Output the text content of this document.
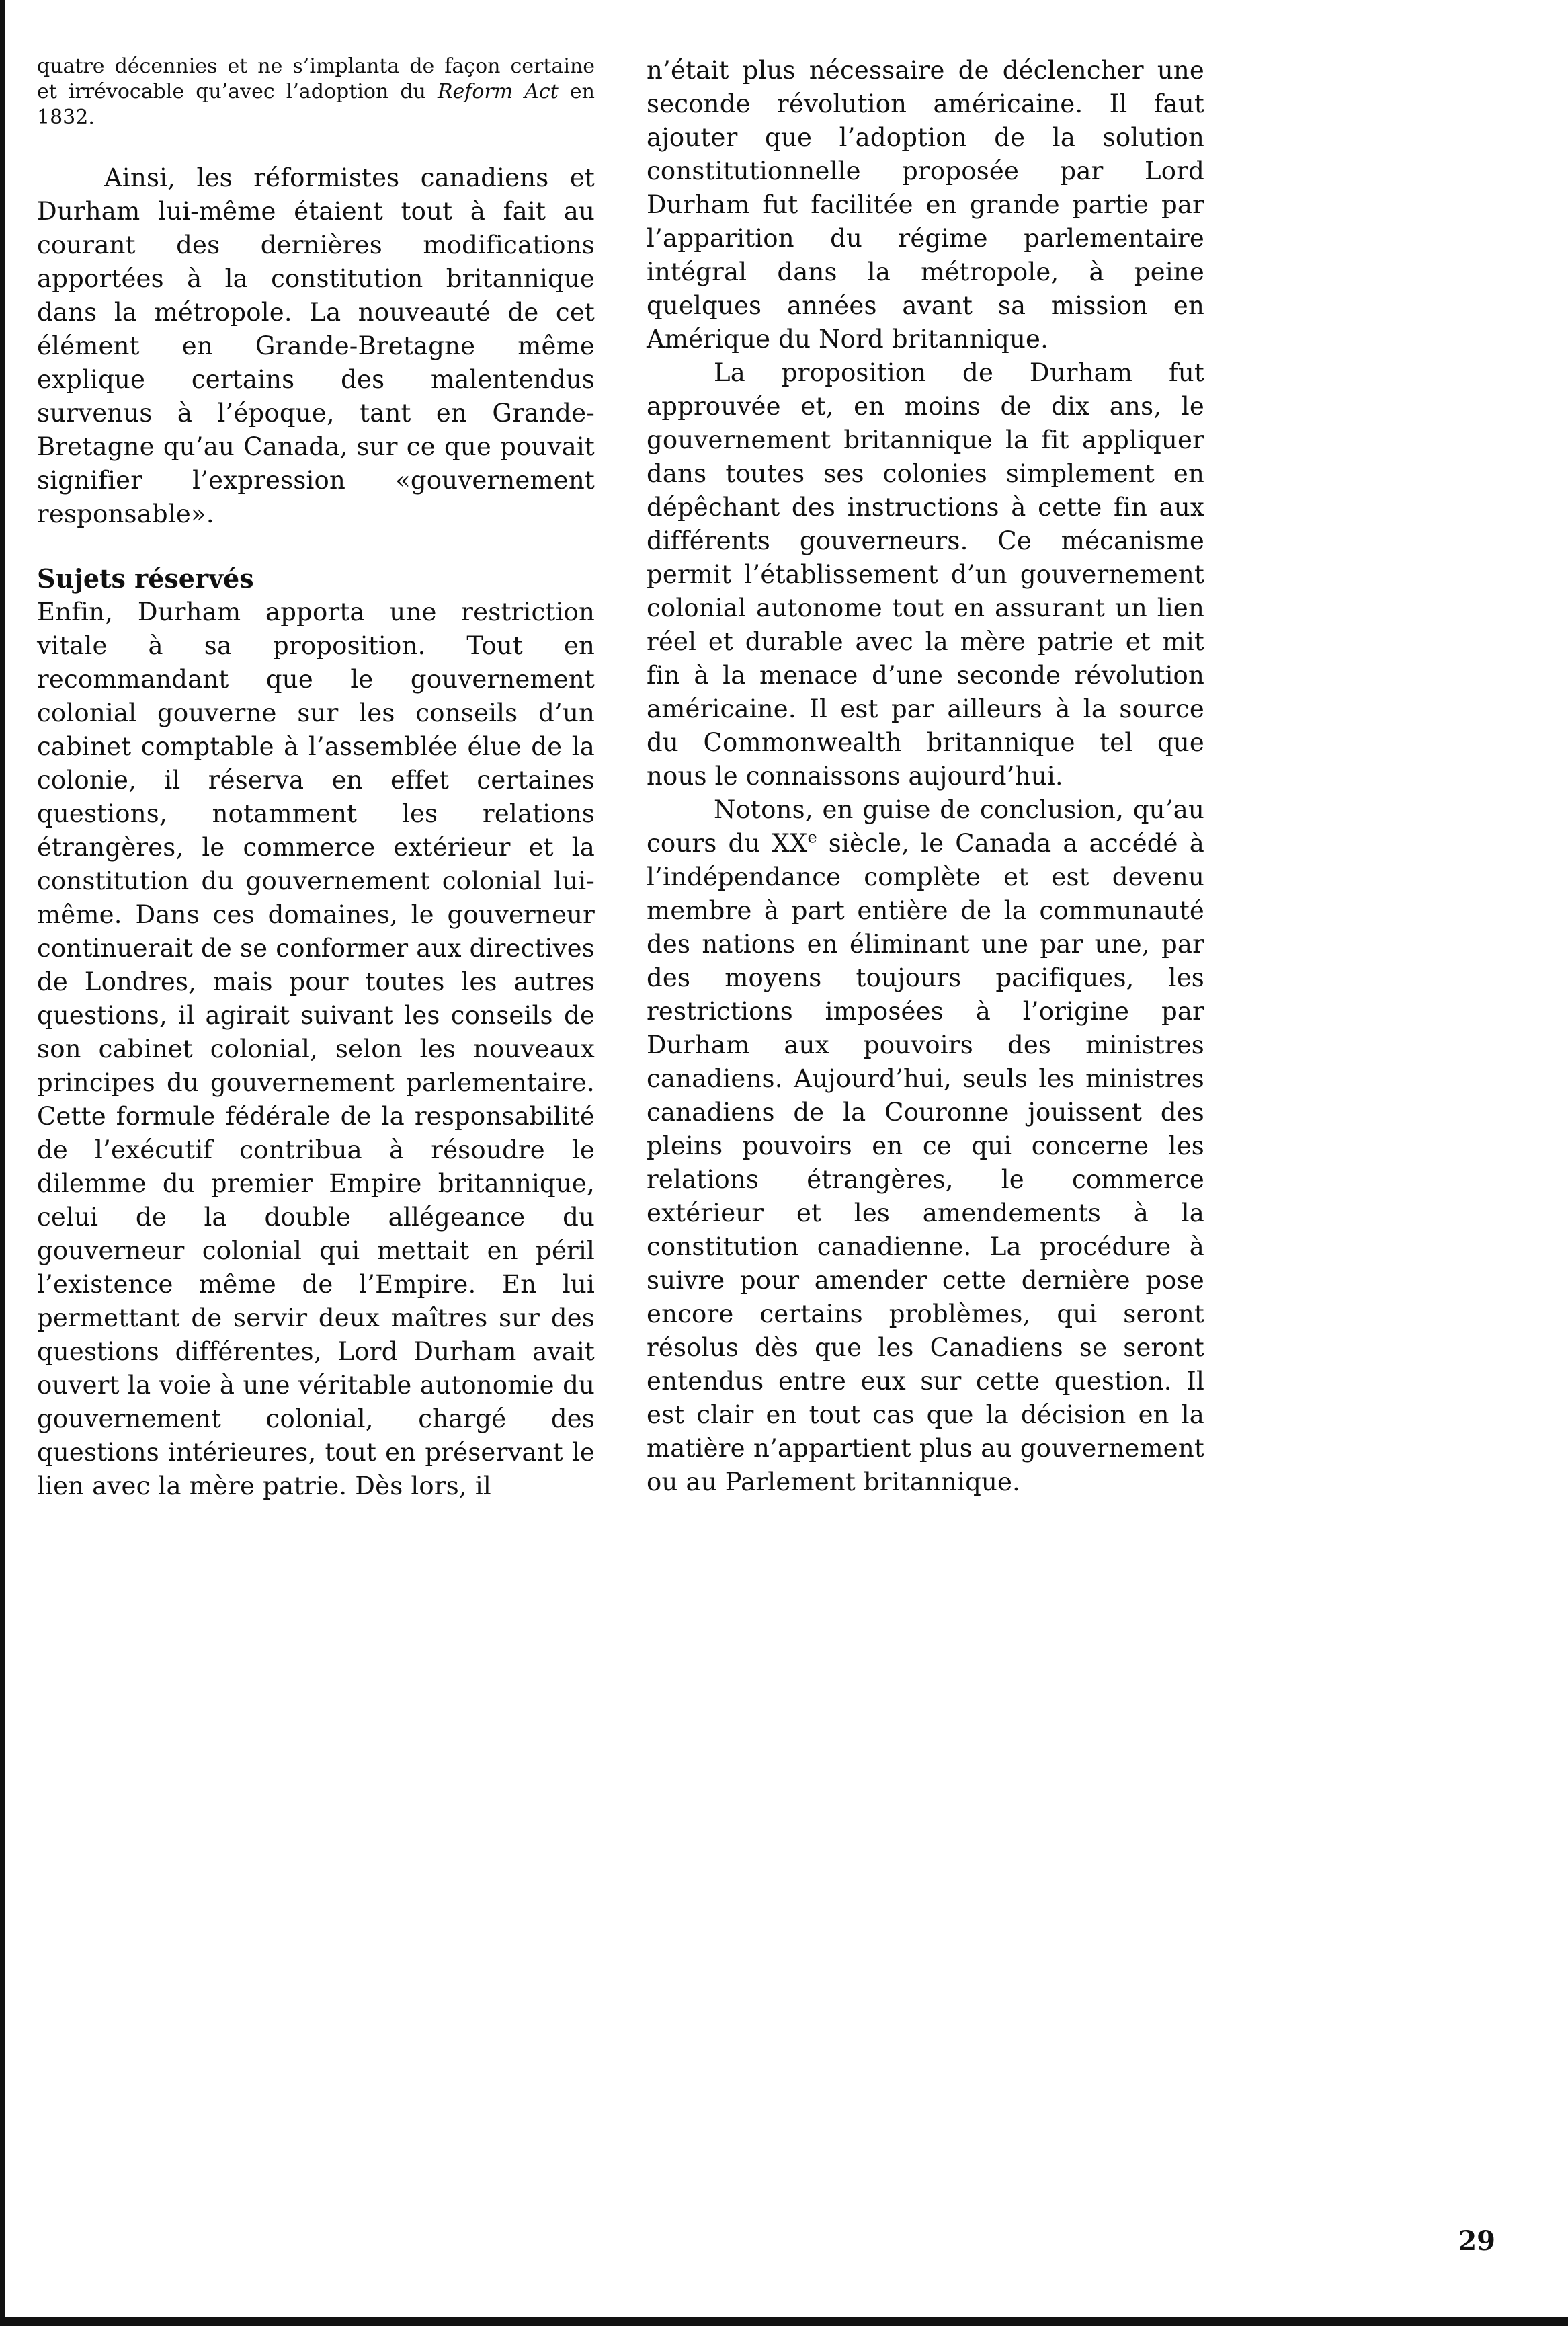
quatre décennies et ne s’implanta de façon certaine et irrévocable qu’avec l’adoption du Reform Act en 1832.

Ainsi, les réformistes canadiens et Durham lui-même étaient tout à fait au courant des dernières modifications apportées à la constitution britannique dans la métropole. La nouveauté de cet élément en Grande-Bretagne même explique certains des malentendus survenus à l’époque, tant en Grande-Bretagne qu’au Canada, sur ce que pouvait signifier l’expression «gouvernement responsable».

Sujets réservés

Enfin, Durham apporta une restriction vitale à sa proposition. Tout en recommandant que le gouvernement colonial gouverne sur les conseils d’un cabinet comptable à l’assemblée élue de la colonie, il réserva en effet certaines questions, notamment les relations étrangères, le commerce extérieur et la constitution du gouvernement colonial lui-même. Dans ces domaines, le gouverneur continuerait de se conformer aux directives de Londres, mais pour toutes les autres questions, il agirait suivant les conseils de son cabinet colonial, selon les nouveaux principes du gouvernement parlementaire. Cette formule fédérale de la responsabilité de l’exécutif contribua à résoudre le dilemme du premier Empire britannique, celui de la double allégeance du gouverneur colonial qui mettait en péril l’existence même de l’Empire. En lui permettant de servir deux maîtres sur des questions différentes, Lord Durham avait ouvert la voie à une véritable autonomie du gouvernement colonial, chargé des questions intérieures, tout en préservant le lien avec la mère patrie. Dès lors, il

n’était plus nécessaire de déclencher une seconde révolution américaine. Il faut ajouter que l’adoption de la solution constitutionnelle proposée par Lord Durham fut facilitée en grande partie par l’apparition du régime parlementaire intégral dans la métropole, à peine quelques années avant sa mission en Amérique du Nord britannique.

La proposition de Durham fut approuvée et, en moins de dix ans, le gouvernement britannique la fit appliquer dans toutes ses colonies simplement en dépêchant des instructions à cette fin aux différents gouverneurs. Ce mécanisme permit l’établissement d’un gouvernement colonial autonome tout en assurant un lien réel et durable avec la mère patrie et mit fin à la menace d’une seconde révolution américaine. Il est par ailleurs à la source du Commonwealth britannique tel que nous le connaissons aujourd’hui.

Notons, en guise de conclusion, qu’au cours du XXe siècle, le Canada a accédé à l’indépendance complète et est devenu membre à part entière de la communauté des nations en éliminant une par une, par des moyens toujours pacifiques, les restrictions imposées à l’origine par Durham aux pouvoirs des ministres canadiens. Aujourd’hui, seuls les ministres canadiens de la Couronne jouissent des pleins pouvoirs en ce qui concerne les relations étrangères, le commerce extérieur et les amendements à la constitution canadienne. La procédure à suivre pour amender cette dernière pose encore certains problèmes, qui seront résolus dès que les Canadiens se seront entendus entre eux sur cette question. Il est clair en tout cas que la décision en la matière n’appartient plus au gouvernement ou au Parlement britannique.

29
